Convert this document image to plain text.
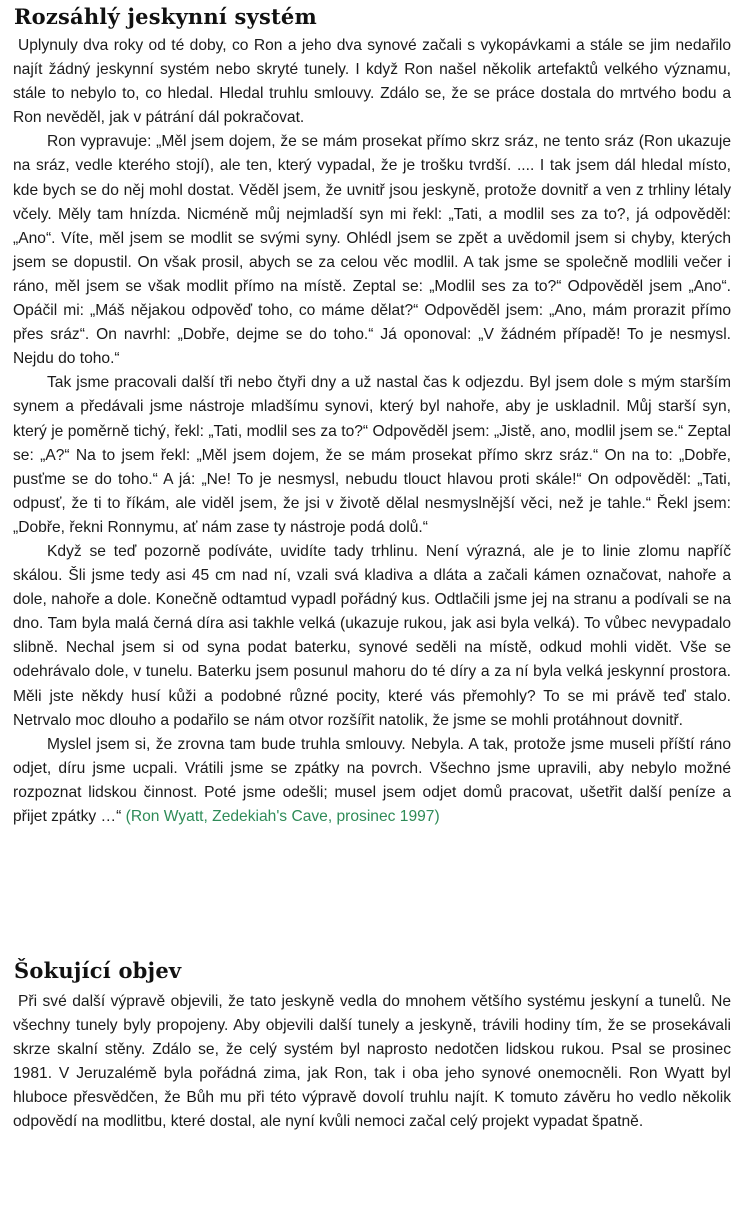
Rozsáhlý jeskynní systém

Uplynuly dva roky od té doby, co Ron a jeho dva synové začali s vykopávkami a stále se jim nedařilo najít žádný jeskynní systém nebo skryté tunely. I když Ron našel několik artefaktů velkého významu, stále to nebylo to, co hledal. Hledal truhlu smlouvy. Zdálo se, že se práce dostala do mrtvého bodu a Ron nevěděl, jak v pátrání dál pokračovat.

Ron vypravuje: „Měl jsem dojem, že se mám prosekat přímo skrz sráz, ne tento sráz (Ron ukazuje na sráz, vedle kterého stojí), ale ten, který vypadal, že je trošku tvrdší. .... I tak jsem dál hledal místo, kde bych se do něj mohl dostat. Věděl jsem, že uvnitř jsou jeskyně, protože dovnitř a ven z trhliny létaly včely. Měly tam hnízda. Nicméně můj nejmladší syn mi řekl: „Tati, a modlil ses za to?, já odpověděl: „Ano“. Víte, měl jsem se modlit se svými syny. Ohlédl jsem se zpět a uvědomil jsem si chyby, kterých jsem se dopustil. On však prosil, abych se za celou věc modlil. A tak jsme se společně modlili večer i ráno, měl jsem se však modlit přímo na místě. Zeptal se: „Modlil ses za to?“ Odpověděl jsem „Ano“. Opáčil mi: „Máš nějakou odpověď toho, co máme dělat?“ Odpověděl jsem: „Ano, mám prorazit přímo přes sráz“. On navrhl: „Dobře, dejme se do toho.“ Já oponoval: „V žádném případě! To je nesmysl. Nejdu do toho.“

Tak jsme pracovali další tři nebo čtyři dny a už nastal čas k odjezdu. Byl jsem dole s mým starším synem a předávali jsme nástroje mladšímu synovi, který byl nahoře, aby je uskladnil. Můj starší syn, který je poměrně tichý, řekl: „Tati, modlil ses za to?“ Odpověděl jsem: „Jistě, ano, modlil jsem se.“ Zeptal se: „A?“ Na to jsem řekl: „Měl jsem dojem, že se mám prosekat přímo skrz sráz.“ On na to: „Dobře, pusťme se do toho.“ A já: „Ne! To je nesmysl, nebudu tlouct hlavou proti skále!“ On odpověděl: „Tati, odpusť, že ti to říkám, ale viděl jsem, že jsi v životě dělal nesmyslnější věci, než je tahle.“ Řekl jsem: „Dobře, řekni Ronnymu, ať nám zase ty nástroje podá dolů.“

Když se teď pozorně podíváte, uvidíte tady trhlinu. Není výrazná, ale je to linie zlomu napříč skálou. Šli jsme tedy asi 45 cm nad ní, vzali svá kladiva a dláta a začali kámen označovat, nahoře a dole, nahoře a dole. Konečně odtamtud vypadl pořádný kus. Odtlačili jsme jej na stranu a podívali se na dno. Tam byla malá černá díra asi takhle velká (ukazuje rukou, jak asi byla velká). To vůbec nevypadalo slibně. Nechal jsem si od syna podat baterku, synové seděli na místě, odkud mohli vidět. Vše se odehrávalo dole, v tunelu. Baterku jsem posunul mahoru do té díry a za ní byla velká jeskynní prostora. Měli jste někdy husí kůži a podobné různé pocity, které vás přemohly? To se mi právě teď stalo. Netrvalo moc dlouho a podařilo se nám otvor rozšířit natolik, že jsme se mohli protáhnout dovnitř.

Myslel jsem si, že zrovna tam bude truhla smlouvy. Nebyla. A tak, protože jsme museli příští ráno odjet, díru jsme ucpali. Vrátili jsme se zpátky na povrch. Všechno jsme upravili, aby nebylo možné rozpoznat lidskou činnost. Poté jsme odešli; musel jsem odjet domů pracovat, ušetřit další peníze a přijet zpátky …“ (Ron Wyatt, Zedekiah's Cave, prosinec 1997)

Šokující objev

Při své další výpravě objevili, že tato jeskyně vedla do mnohem většího systému jeskyní a tunelů. Ne všechny tunely byly propojeny. Aby objevili další tunely a jeskyně, trávili hodiny tím, že se prosekávali skrze skalní stěny. Zdálo se, že celý systém byl naprosto nedotčen lidskou rukou. Psal se prosinec 1981. V Jeruzalémě byla pořádná zima, jak Ron, tak i oba jeho synové onemocněli. Ron Wyatt byl hluboce přesvědčen, že Bůh mu při této výpravě dovolí truhlu najít. K tomuto závěru ho vedlo několik odpovědí na modlitbu, které dostal, ale nyní kvůli nemoci začal celý projekt vypadat špatně.
